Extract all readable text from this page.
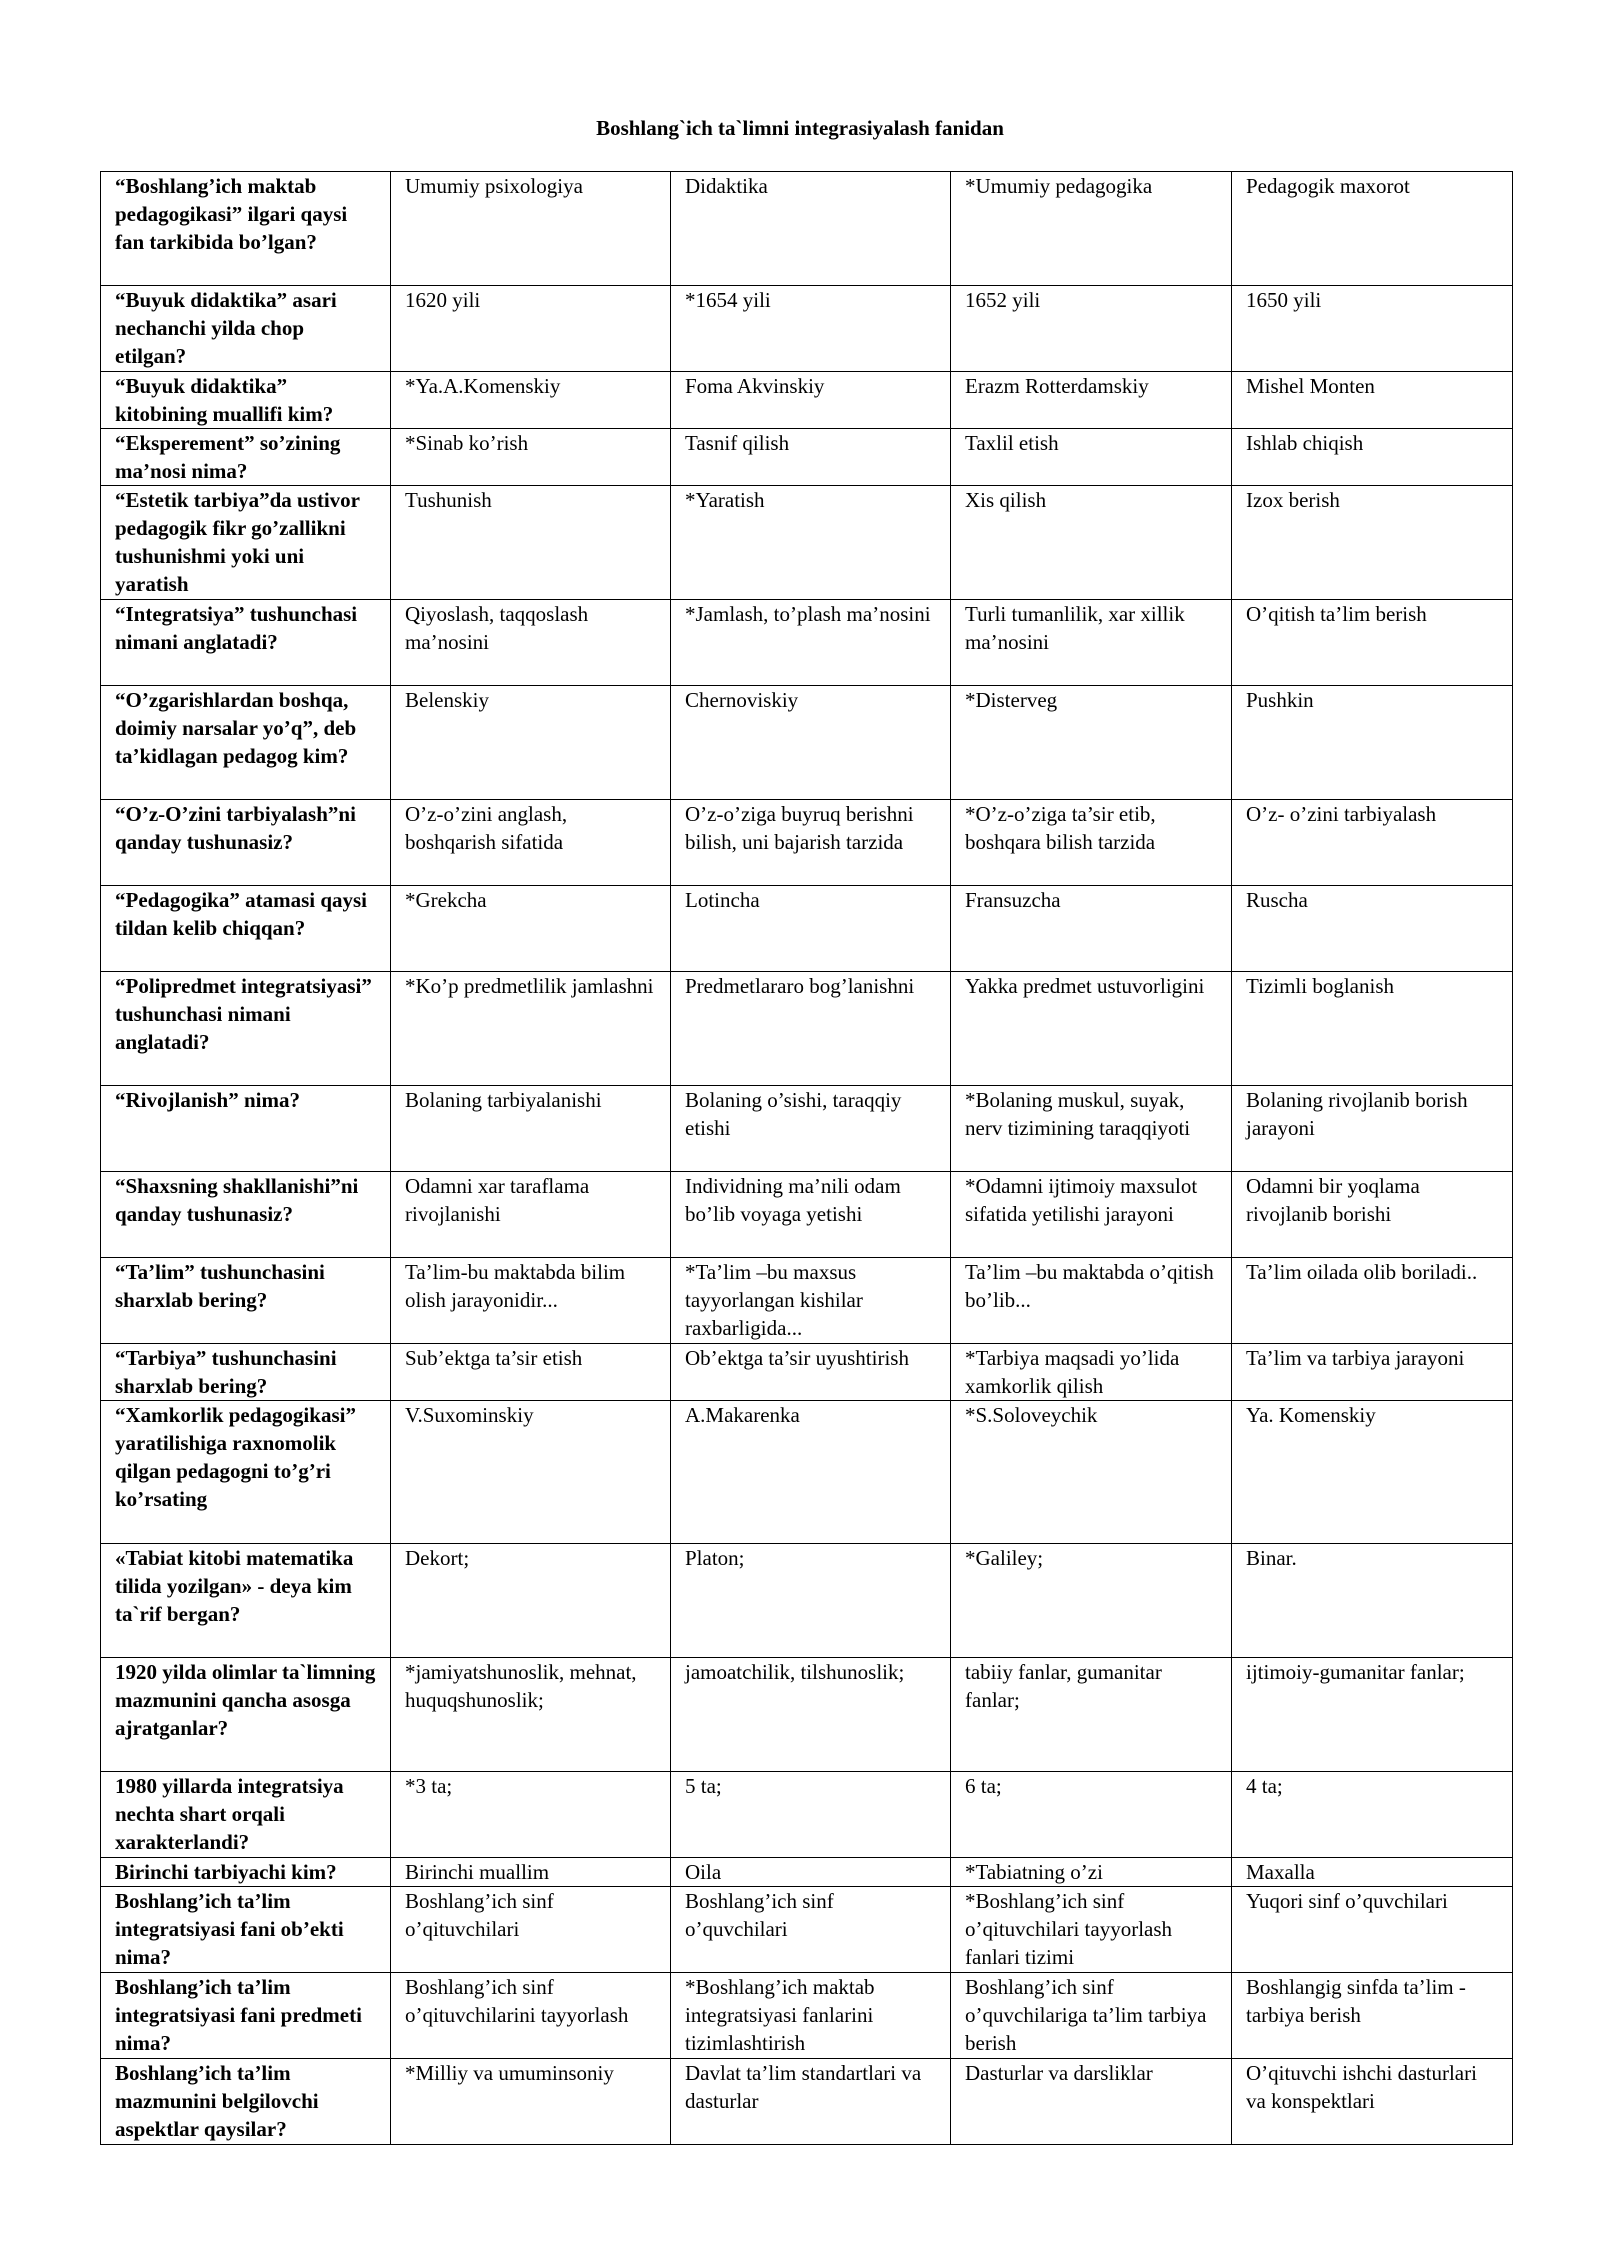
Boshlang`ich ta`limni integrasiyalash fanidan
“Boshlang’ich maktab pedagogikasi” ilgari qaysi fan tarkibida bo’lgan?	Umumiy psixologiya	Didaktika	*Umumiy pedagogika	Pedagogik maxorot
“Buyuk didaktika” asari nechanchi yilda chop etilgan?	1620 yili	*1654 yili	1652 yili	1650 yili
“Buyuk didaktika” kitobining muallifi kim?	*Ya.A.Komenskiy	Foma Akvinskiy	Erazm Rotterdamskiy	Mishel Monten
“Eksperement” so’zining ma’nosi nima?	*Sinab ko’rish	Tasnif qilish	Taxlil etish	Ishlab chiqish
“Estetik tarbiya”da ustivor pedagogik fikr go’zallikni tushunishmi yoki uni yaratish	Tushunish	*Yaratish	Xis qilish	Izox berish
“Integratsiya” tushunchasi nimani anglatadi?	Qiyoslash, taqqoslash ma’nosini	*Jamlash, to’plash ma’nosini	Turli tumanlilik, xar xillik ma’nosini	O’qitish ta’lim berish
“O’zgarishlardan boshqa, doimiy narsalar yo’q”, deb ta’kidlagan pedagog kim?	Belenskiy	Chernoviskiy	*Disterveg	Pushkin
“O’z-O’zini tarbiyalash”ni qanday tushunasiz?	O’z-o’zini anglash, boshqarish sifatida	O’z-o’ziga buyruq berishni bilish, uni bajarish tarzida	*O’z-o’ziga ta’sir etib, boshqara bilish tarzida	O’z- o’zini tarbiyalash
“Pedagogika” atamasi qaysi tildan kelib chiqqan?	*Grekcha	Lotincha	Fransuzcha	Ruscha
“Polipredmet integratsiyasi” tushunchasi nimani anglatadi?	*Ko’p predmetlilik jamlashni	Predmetlararo bog’lanishni	Yakka predmet ustuvorligini	Tizimli boglanish
“Rivojlanish” nima?	Bolaning tarbiyalanishi	Bolaning o’sishi, taraqqiy etishi	*Bolaning muskul, suyak, nerv tizimining taraqqiyoti	Bolaning rivojlanib borish jarayoni
“Shaxsning shakllanishi”ni qanday tushunasiz?	Odamni xar taraflama rivojlanishi	Individning ma’nili odam bo’lib voyaga yetishi	*Odamni ijtimoiy maxsulot sifatida yetilishi jarayoni	Odamni bir yoqlama rivojlanib borishi
“Ta’lim” tushunchasini sharxlab bering?	Ta’lim-bu maktabda bilim olish jarayonidir...	*Ta’lim –bu maxsus tayyorlangan kishilar raxbarligida...	Ta’lim –bu maktabda o’qitish bo’lib...	Ta’lim oilada olib boriladi..
“Tarbiya” tushunchasini sharxlab bering?	Sub’ektga ta’sir etish	Ob’ektga ta’sir uyushtirish	*Tarbiya maqsadi yo’lida xamkorlik qilish	Ta’lim va tarbiya jarayoni
“Xamkorlik pedagogikasi” yaratilishiga raxnomolik qilgan pedagogni to’g’ri ko’rsating	V.Suxominskiy	A.Makarenka	*S.Soloveychik	Ya. Komenskiy
«Tabiat kitobi matematika tilida yozilgan» - deya kim ta`rif bergan?	Dekort;	Platon;	*Galiley;	Binar.
1920 yilda olimlar ta`limning mazmunini qancha asosga ajratganlar?	*jamiyatshunoslik, mehnat, huquqshunoslik;	jamoatchilik, tilshunoslik;	tabiiy fanlar, gumanitar fanlar;	ijtimoiy-gumanitar fanlar;
1980 yillarda integratsiya nechta shart orqali xarakterlandi?	*3 ta;	5 ta;	6 ta;	4 ta;
Birinchi tarbiyachi kim?	Birinchi muallim	Oila	*Tabiatning o’zi	Maxalla
Boshlang’ich ta’lim integratsiyasi fani ob’ekti nima?	Boshlang’ich sinf o’qituvchilari	Boshlang’ich sinf o’quvchilari	*Boshlang’ich sinf o’qituvchilari tayyorlash fanlari tizimi	Yuqori sinf o’quvchilari
Boshlang’ich ta’lim integratsiyasi fani predmeti nima?	Boshlang’ich sinf o’qituvchilarini tayyorlash	*Boshlang’ich maktab integratsiyasi fanlarini tizimlashtirish	Boshlang’ich sinf o’quvchilariga ta’lim tarbiya berish	Boshlangig sinfda ta’lim -tarbiya berish
Boshlang’ich ta’lim mazmunini belgilovchi aspektlar qaysilar?	*Milliy va umuminsoniy	Davlat ta’lim standartlari va dasturlar	Dasturlar va darsliklar	O’qituvchi ishchi dasturlari va konspektlari
